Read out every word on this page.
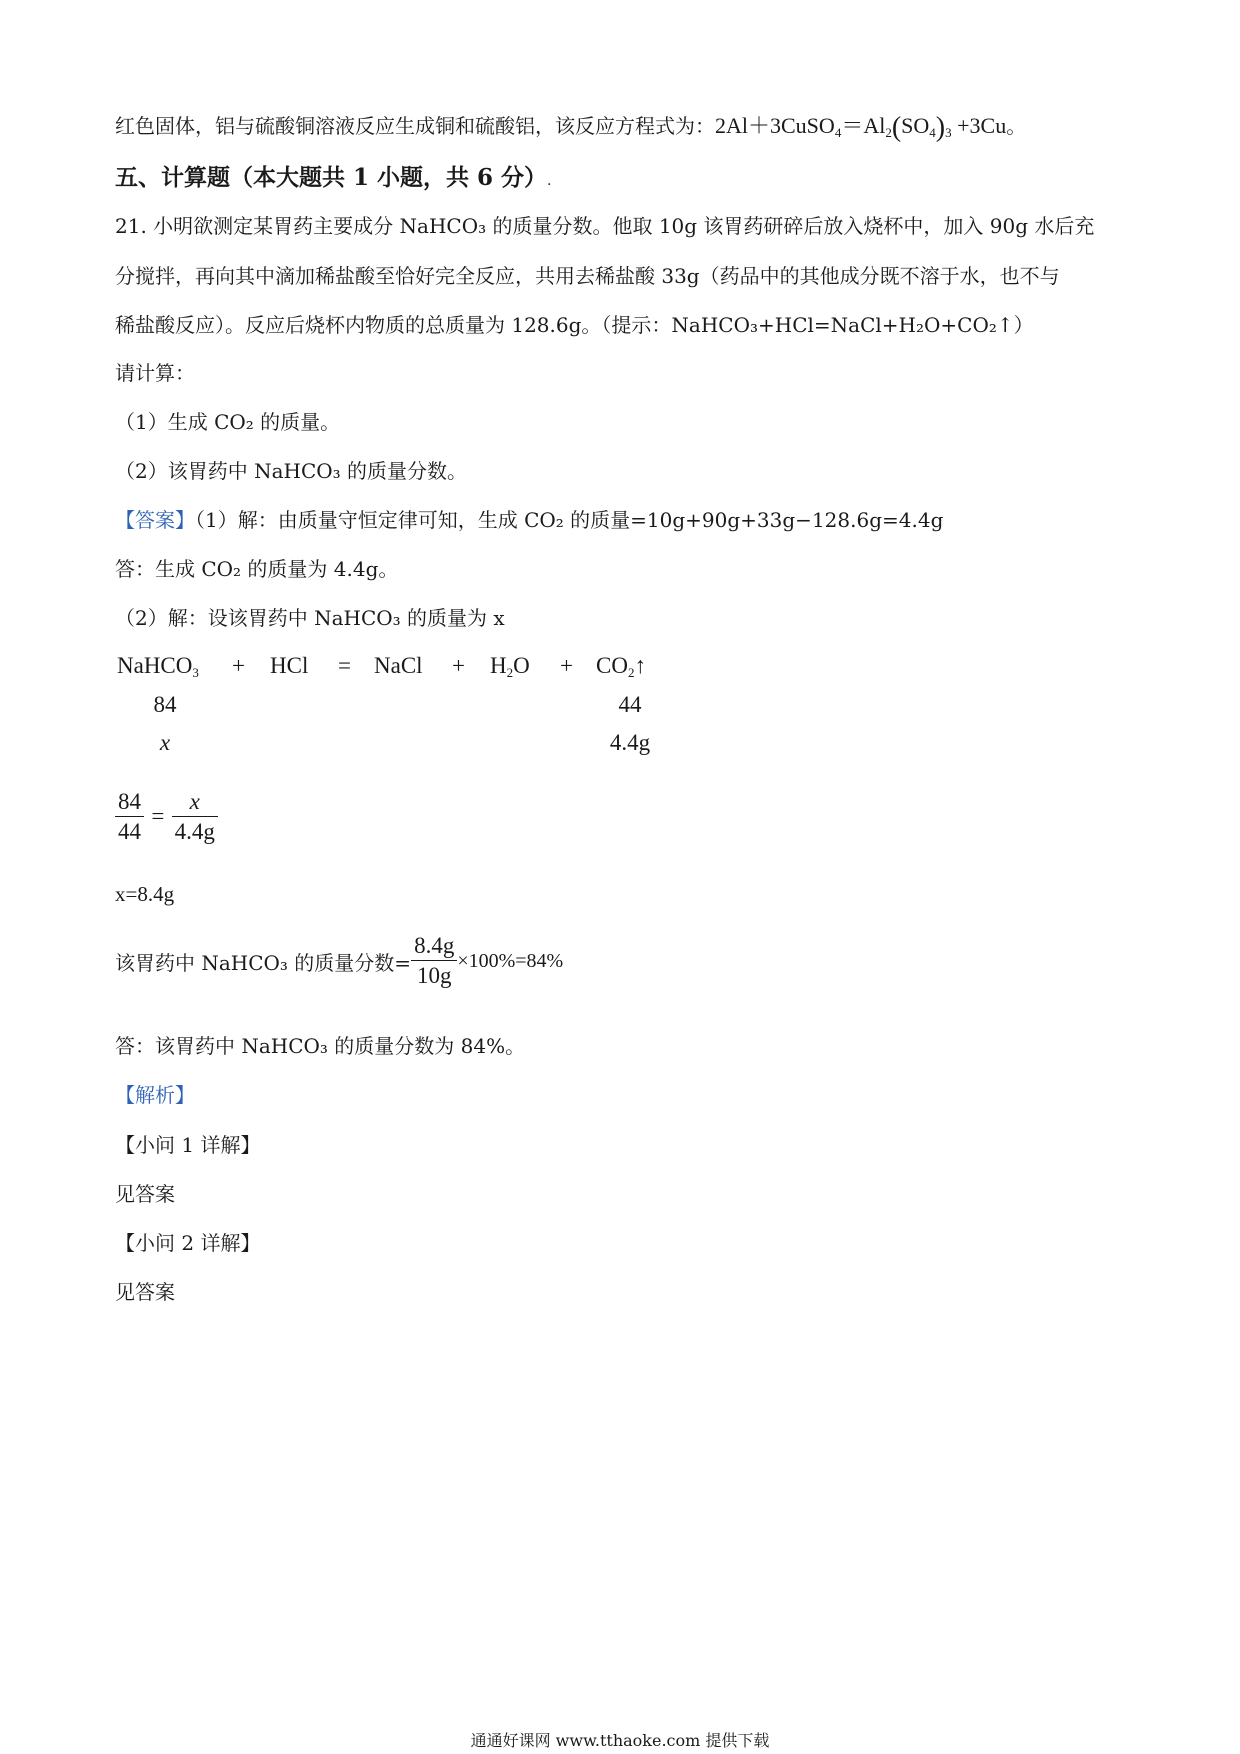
红色固体，铝与硫酸铜溶液反应生成铜和硫酸铝，该反应方程式为：$2Al+3CuSO_4=Al_2(SO_4)_3 +3Cu$。
五、计算题（本大题共 1 小题，共 6 分）.
21. 小明欲测定某胃药主要成分 NaHCO₃ 的质量分数。他取 10g 该胃药研碎后放入烧杯中，加入 90g 水后充
分搅拌，再向其中滴加稀盐酸至恰好完全反应，共用去稀盐酸 33g（药品中的其他成分既不溶于水，也不与
稀盐酸反应）。反应后烧杯内物质的总质量为 128.6g。（提示：NaHCO₃+HCl=NaCl+H₂O+CO₂↑）
请计算：
（1）生成 CO₂ 的质量。
（2）该胃药中 NaHCO₃ 的质量分数。
【答案】（1）解：由质量守恒定律可知，生成 CO₂ 的质量=10g+90g+33g−128.6g=4.4g
答：生成 CO₂ 的质量为 4.4g。
（2）解：设该胃药中 NaHCO₃ 的质量为 x
NaHCO$_3$ + HCl = NaCl + $H_2O$ + $CO_2↑$
84	44
x	4.4g
$\frac{84}{44} = \frac{x}{4.4g}$
x=8.4g
该胃药中 NaHCO₃ 的质量分数= $\frac{8.4g}{10g} \times 100\%=84\%$
答：该胃药中 NaHCO₃ 的质量分数为 84%。
【解析】
【小问 1 详解】
见答案
【小问 2 详解】
见答案
通通好课网 www.tthaoke.com 提供下载
